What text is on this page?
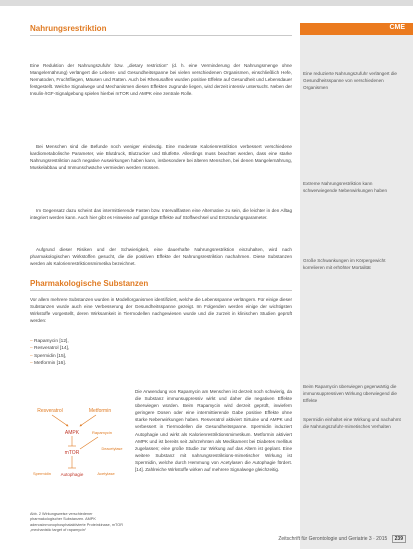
CME
Nahrungsrestriktion

Eine Reduktion der Nahrungszufuhr bzw. „dietary restriction“ (d. h. eine Verminderung der Nahrungsmenge ohne Mangelernährung) verlängert die Lebens- und Gesundheitsspanne bei vielen verschiedenen Organismen, einschließlich Hefe, Nematoden, Fruchtfliegen, Mäusen und Ratten. Auch bei Rhesusaffen wurden positive Effekte auf Gesundheit und Lebensdauer festgestellt. Welche Signalwege und Mechanismen diesen Effekten zugrunde liegen, wird derzeit intensiv untersucht. Neben der Insulin-/IGF-Signalgebung spielen hierbei mTOR und AMPK eine zentrale Rolle.

Bei Menschen sind die Befunde noch weniger eindeutig. Eine moderate Kalorienrestriktion verbessert verschiedene kardiometabolische Parameter, wie Blutdruck, Blutzucker und Blutfette. Allerdings muss beachtet werden, dass eine starke Nahrungsrestriktion auch negative Auswirkungen haben kann, insbesondere bei älteren Menschen, bei denen Mangelernährung, Muskelabbau und Immunschwäche vermieden werden müssen.

Im Gegensatz dazu scheint das intermittierende Fasten bzw. Intervallfasten eine Alternative zu sein, die leichter in den Alltag integriert werden kann. Auch hier gibt es Hinweise auf günstige Effekte auf Stoffwechsel und Entzündungsparameter.

Aufgrund dieser Risiken und der Schwierigkeit, eine dauerhafte Nahrungsrestriktion einzuhalten, wird nach pharmakologischen Wirkstoffen gesucht, die die positiven Effekte der Nahrungsrestriktion nachahmen. Diese Substanzen werden als Kalorienrestriktionsmimetika bezeichnet.

Pharmakologische Substanzen

Vor allem mehrere Substanzen wurden in Modellorganismen identifiziert, welche die Lebensspanne verlängern. Für einige dieser Substanzen wurde auch eine Verbesserung der Gesundheitsspanne gezeigt. Im Folgenden werden einige der wichtigsten Wirkstoffe vorgestellt, deren Wirksamkeit in Tiermodellen nachgewiesen wurde und die zurzeit in klinischen Studien geprüft werden:

– Rapamycin [12],
– Resveratrol [14],
– Spermidin [15],
– Metformin [16].

Eine reduzierte Nahrungszufuhr verlängert die Gesundheitsspanne von verschiedenen Organismen

Extreme Nahrungsrestriktion kann schwerwiegende Nebenwirkungen haben

Große Schwankungen im Körpergewicht korrelieren mit erhöhter Mortalität

Beim Rapamycin überwiegen gegenwärtig die immunsuppressiven Wirkung überwiegend die Effekte

Spermidin einhaltet eine Wirkung und nachahmt die Nahrungszufuhr-mimetisches Verhalten

Resveratrol	Metformin
AMPK	Rapamycin
mTOR
Spermidin Autophagie	Acetylase
Deacetylase

Abb. 2 Wirkungsweise verschiedener pharmakologischer Substanzen. AMPK adenosinmonophosphataktivierte Proteinkinase, mTOR „mechanistic target of rapamycin“

Die Anwendung von Rapamycin am Menschen ist derzeit noch schwierig, da die Substanz immunsuppressiv wirkt und daher die negativen Effekte überwiegen würden. Beim Rapamycin wird derzeit geprüft, inwiefern geringere Dosen oder eine intermittierende Gabe positive Effekte ohne starke Nebenwirkungen haben. Resveratrol aktiviert Sirtuine und AMPK und verbessert in Tiermodellen die Gesundheitsspanne. Spermidin induziert Autophagie und wirkt als Kalorienrestriktionsmimetikum. Metformin aktiviert AMPK und ist bereits seit Jahrzehnten als Medikament bei Diabetes mellitus zugelassen; eine große Studie zur Wirkung auf das Altern ist geplant. Eine weitere Substanz mit nahrungsrestriktions-mimetischer Wirkung ist Spermidin, welche durch Hemmung von Acetylasen die Autophagie fördert. [14]. Zahlreiche Wirkstoffe wirken auf mehrere Signalwege gleichzeitig.

Zeitschrift für Gerontologie und Geriatrie 3 · 2015 239
